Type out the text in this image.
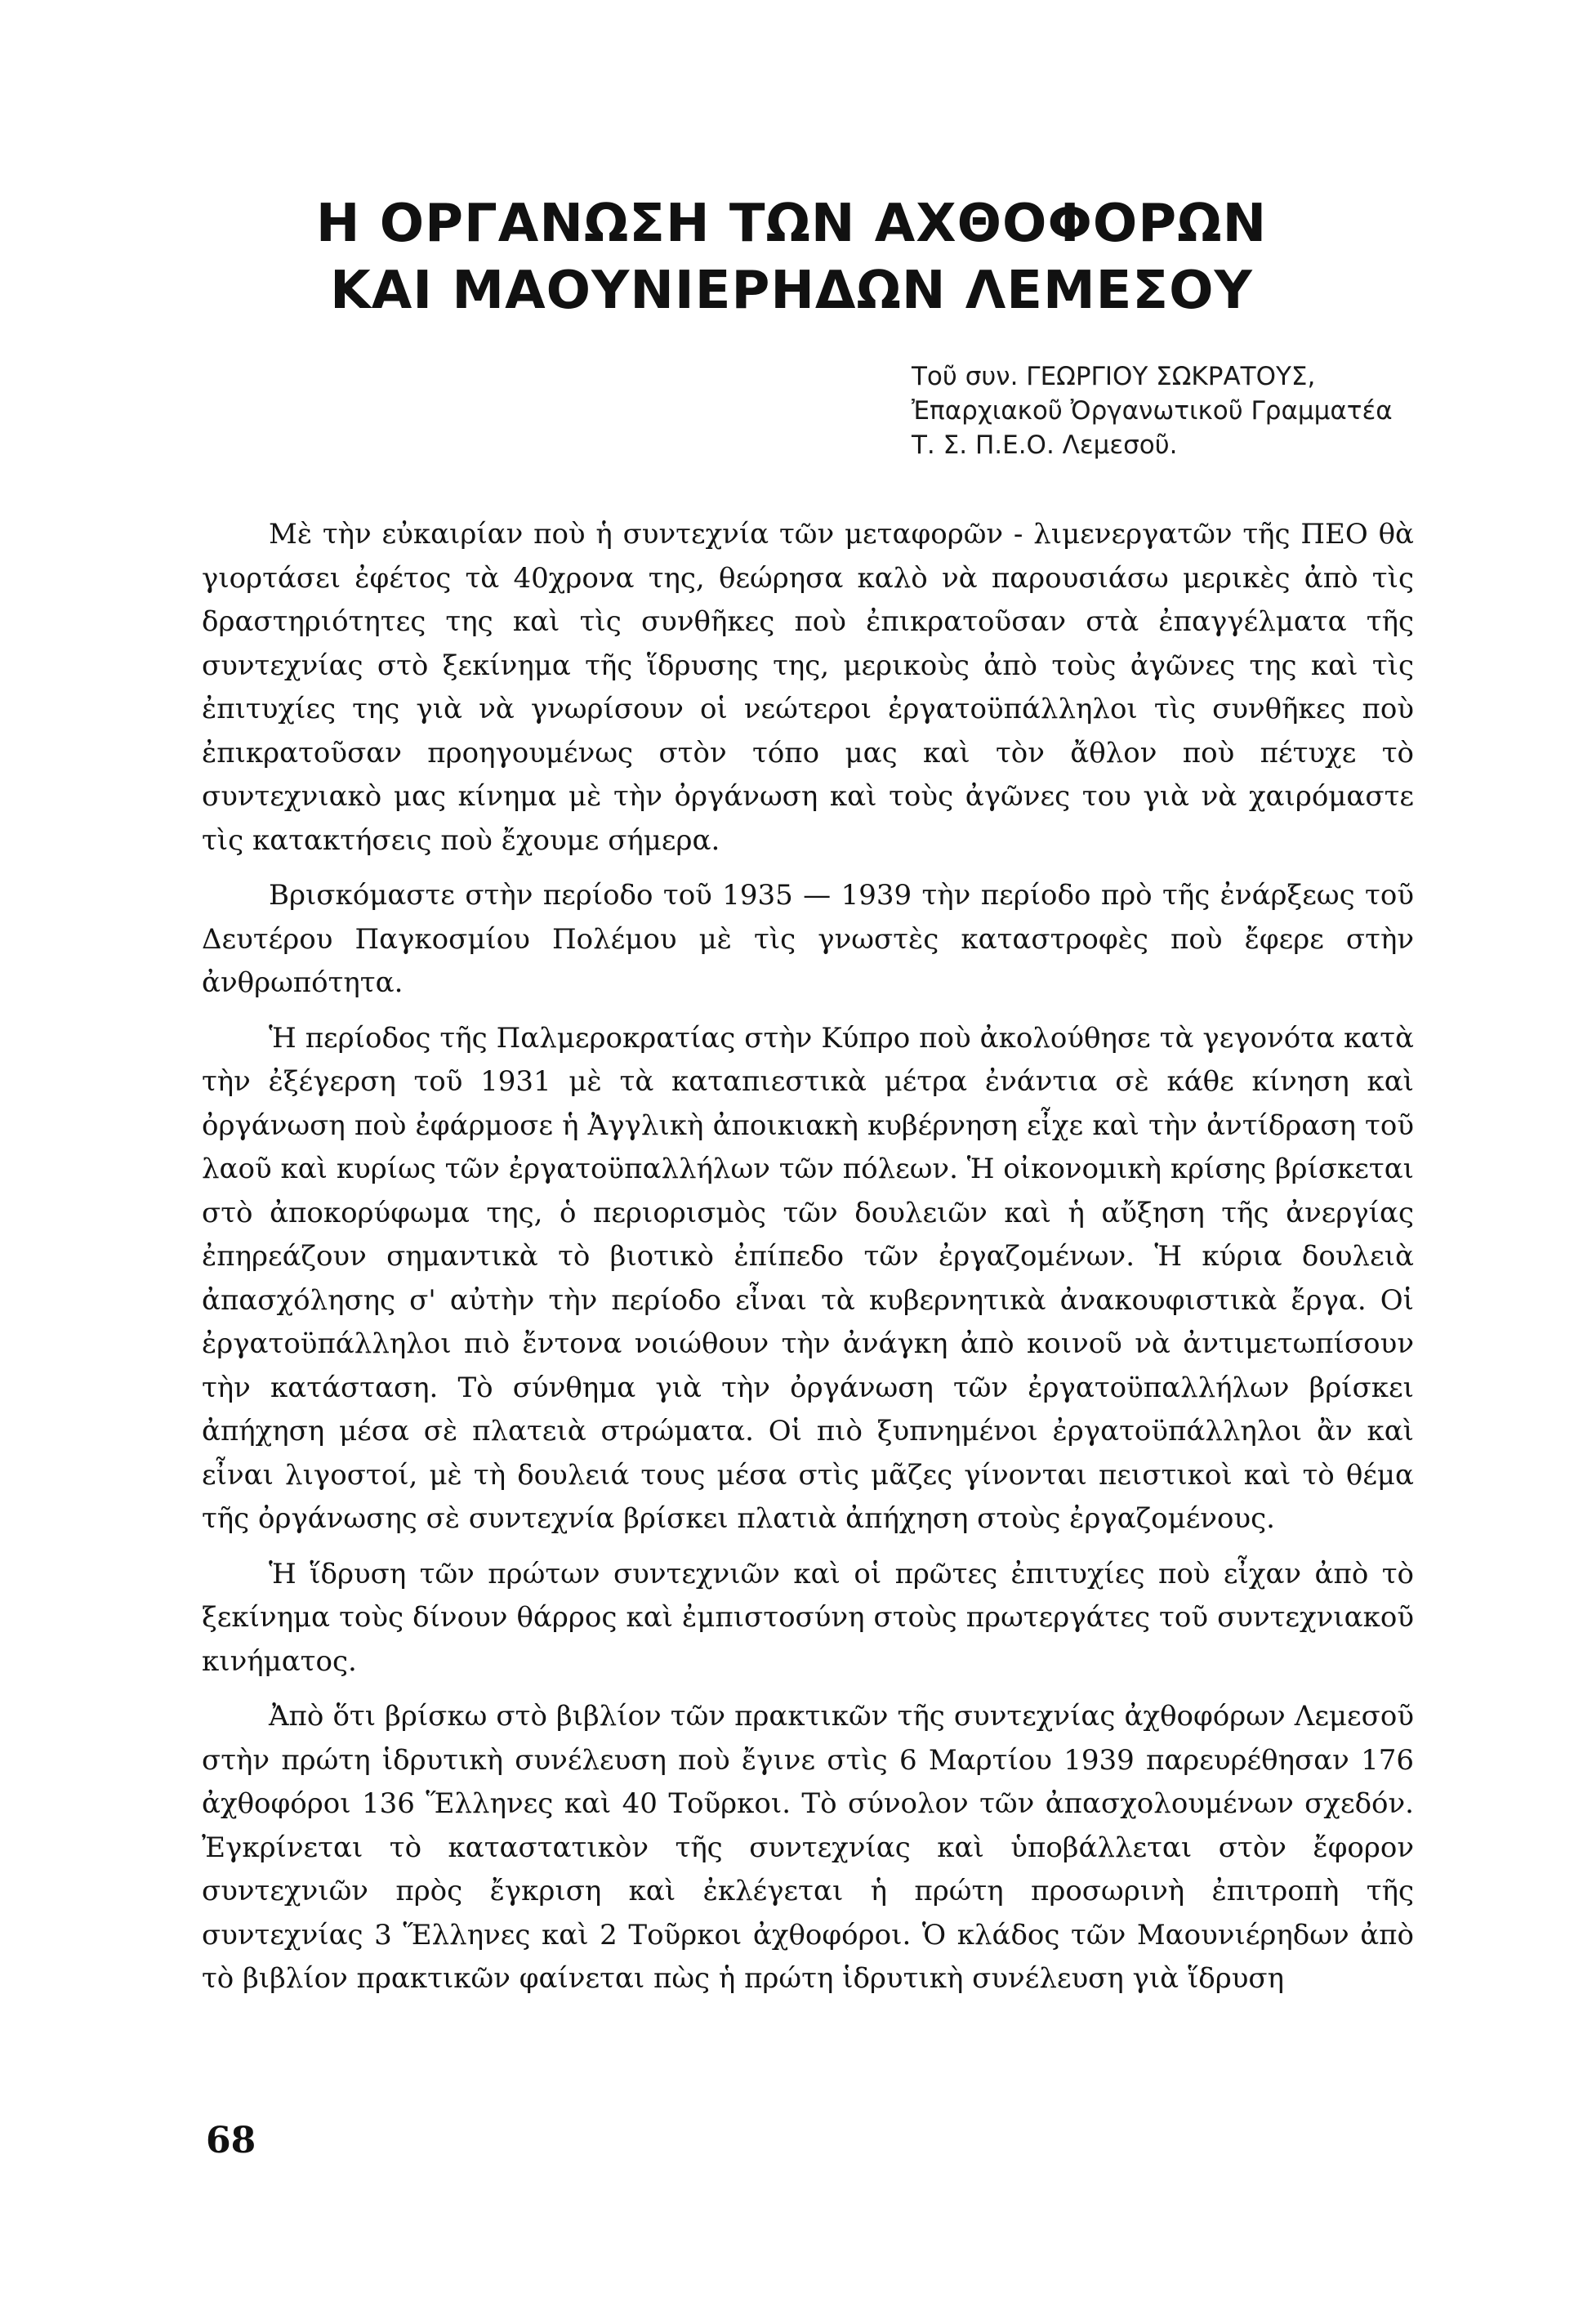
Η ΟΡΓΑΝΩΣΗ ΤΩΝ ΑΧΘΟΦΟΡΩΝ
ΚΑΙ ΜΑΟΥΝΙΕΡΗΔΩΝ ΛΕΜΕΣΟΥ
Τοῦ συν. ΓΕΩΡΓΙΟΥ ΣΩΚΡΑΤΟΥΣ,
Ἐπαρχιακοῦ Ὀργανωτικοῦ Γραμματέα
Τ. Σ. Π.Ε.Ο. Λεμεσοῦ.

Μὲ τὴν εὐκαιρίαν ποὺ ἡ συντεχνία τῶν μεταφορῶν - λιμενεργατῶν τῆς ΠΕΟ θὰ γιορτάσει ἐφέτος τὰ 40χρονα της, θεώρησα καλὸ νὰ παρουσιάσω μερικὲς ἀπὸ τὶς δραστηριότητες της καὶ τὶς συνθῆκες ποὺ ἐπικρατοῦσαν στὰ ἐπαγγέλματα τῆς συντεχνίας στὸ ξεκίνημα τῆς ἵδρυσης της, μερικοὺς ἀπὸ τοὺς ἀγῶνες της καὶ τὶς ἐπιτυχίες της γιὰ νὰ γνωρίσουν οἱ νεώτεροι ἐργατοϋπάλληλοι τὶς συνθῆκες ποὺ ἐπικρατοῦσαν προηγουμένως στὸν τόπο μας καὶ τὸν ἄθλον ποὺ πέτυχε τὸ συντεχνιακὸ μας κίνημα μὲ τὴν ὀργάνωση καὶ τοὺς ἀγῶνες του γιὰ νὰ χαιρόμαστε τὶς κατακτήσεις ποὺ ἔχουμε σήμερα.

Βρισκόμαστε στὴν περίοδο τοῦ 1935 — 1939 τὴν περίοδο πρὸ τῆς ἐνάρξεως τοῦ Δευτέρου Παγκοσμίου Πολέμου μὲ τὶς γνωστὲς καταστροφὲς ποὺ ἔφερε στὴν ἀνθρωπότητα.

Ἡ περίοδος τῆς Παλμεροκρατίας στὴν Κύπρο ποὺ ἀκολούθησε τὰ γεγονότα κατὰ τὴν ἐξέγερση τοῦ 1931 μὲ τὰ καταπιεστικὰ μέτρα ἐνάντια σὲ κάθε κίνηση καὶ ὀργάνωση ποὺ ἐφάρμοσε ἡ Ἀγγλικὴ ἀποικιακὴ κυβέρνηση εἶχε καὶ τὴν ἀντίδραση τοῦ λαοῦ καὶ κυρίως τῶν ἐργατοϋπαλλήλων τῶν πόλεων. Ἡ οἰκονομικὴ κρίσης βρίσκεται στὸ ἀποκορύφωμα της, ὁ περιορισμὸς τῶν δουλειῶν καὶ ἡ αὔξηση τῆς ἀνεργίας ἐπηρεάζουν σημαντικὰ τὸ βιοτικὸ ἐπίπεδο τῶν ἐργαζομένων. Ἡ κύρια δουλειὰ ἀπασχόλησης σ' αὐτὴν τὴν περίοδο εἶναι τὰ κυβερνητικὰ ἀνακουφιστικὰ ἔργα. Οἱ ἐργατοϋπάλληλοι πιὸ ἔντονα νοιώθουν τὴν ἀνάγκη ἀπὸ κοινοῦ νὰ ἀντιμετωπίσουν τὴν κατάσταση. Τὸ σύνθημα γιὰ τὴν ὀργάνωση τῶν ἐργατοϋπαλλήλων βρίσκει ἀπήχηση μέσα σὲ πλατειὰ στρώματα. Οἱ πιὸ ξυπνημένοι ἐργατοϋπάλληλοι ἂν καὶ εἶναι λιγοστοί, μὲ τὴ δουλειά τους μέσα στὶς μᾶζες γίνονται πειστικοὶ καὶ τὸ θέμα τῆς ὀργάνωσης σὲ συντεχνία βρίσκει πλατιὰ ἀπήχηση στοὺς ἐργαζομένους.

Ἡ ἵδρυση τῶν πρώτων συντεχνιῶν καὶ οἱ πρῶτες ἐπιτυχίες ποὺ εἶχαν ἀπὸ τὸ ξεκίνημα τοὺς δίνουν θάρρος καὶ ἐμπιστοσύνη στοὺς πρωτεργάτες τοῦ συντεχνιακοῦ κινήματος.

Ἀπὸ ὅτι βρίσκω στὸ βιβλίον τῶν πρακτικῶν τῆς συντεχνίας ἀχθοφόρων Λεμεσοῦ στὴν πρώτη ἱδρυτικὴ συνέλευση ποὺ ἔγινε στὶς 6 Μαρτίου 1939 παρευρέθησαν 176 ἀχθοφόροι 136 Ἕλληνες καὶ 40 Τοῦρκοι. Τὸ σύνολον τῶν ἀπασχολουμένων σχεδόν. Ἐγκρίνεται τὸ καταστατικὸν τῆς συντεχνίας καὶ ὑποβάλλεται στὸν ἔφορον συντεχνιῶν πρὸς ἔγκριση καὶ ἐκλέγεται ἡ πρώτη προσωρινὴ ἐπιτροπὴ τῆς συντεχνίας 3 Ἕλληνες καὶ 2 Τοῦρκοι ἀχθοφόροι. Ὁ κλάδος τῶν Μαουνιέρηδων ἀπὸ τὸ βιβλίον πρακτικῶν φαίνεται πὼς ἡ πρώτη ἱδρυτικὴ συνέλευση γιὰ ἵδρυση

68
